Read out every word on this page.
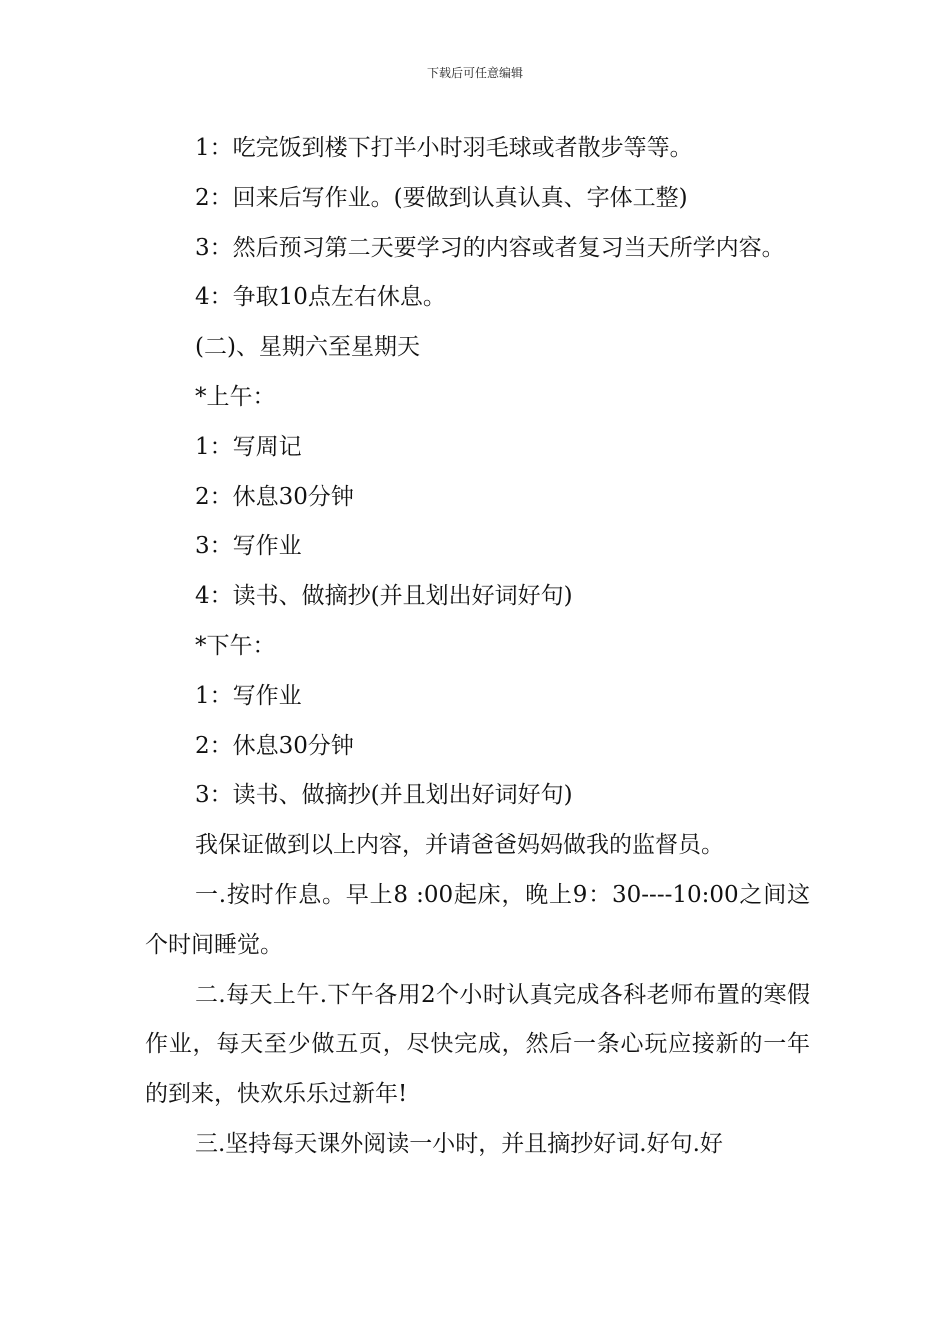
下载后可任意编辑

1：吃完饭到楼下打半小时羽毛球或者散步等等。

2：回来后写作业。(要做到认真认真、字体工整)

3：然后预习第二天要学习的内容或者复习当天所学内容。

4：争取10点左右休息。

(二)、星期六至星期天

*上午：

1：写周记

2：休息30分钟

3：写作业

4：读书、做摘抄(并且划出好词好句)

*下午：

1：写作业

2：休息30分钟

3：读书、做摘抄(并且划出好词好句)

我保证做到以上内容，并请爸爸妈妈做我的监督员。

一.按时作息。早上8 :00起床，晚上9：30----10:00之间这个时间睡觉。

二.每天上午.下午各用2个小时认真完成各科老师布置的寒假作业，每天至少做五页，尽快完成，然后一条心玩应接新的一年的到来，快欢乐乐过新年!

三.坚持每天课外阅读一小时，并且摘抄好词.好句.好
